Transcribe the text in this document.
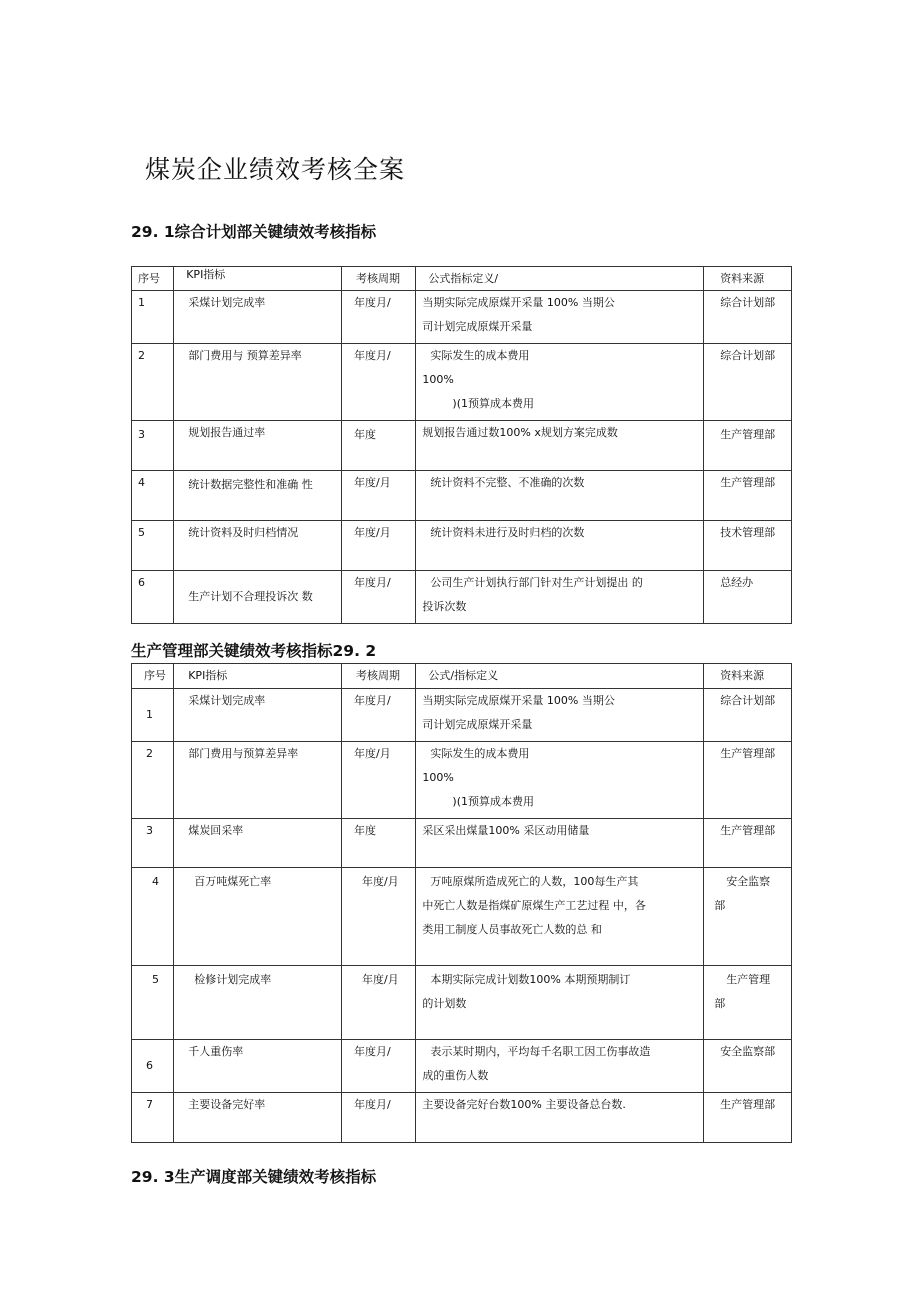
煤炭企业绩效考核全案
29. 1综合计划部关键绩效考核指标
序号	KPI指标	考核周期	公式指标定义/	资料来源
1	采煤计划完成率	年度月/	当期实际完成原煤开采量 100% 当期公
司计划完成原煤开采量	综合计划部
2	部门费用与 预算差异率	年度月/	实际发生的成本费用
100%
)(1预算成本费用	综合计划部
3	规划报告通过率	年度	规划报告通过数100% x规划方案完成数	生产管理部
4	统计数据完整性和准确 性	年度/月	统计资料不完整、不准确的次数	生产管理部
5	统计资料及时归档情况	年度/月	统计资料未进行及时归档的次数	技术管理部
6	生产计划不合理投诉次 数	年度月/	公司生产计划执行部门针对生产计划提出 的
投诉次数	总经办
生产管理部关键绩效考核指标29. 2
序号	KPI指标	考核周期	公式/指标定义	资料来源
1	采煤计划完成率	年度月/	当期实际完成原煤开采量 100% 当期公
司计划完成原煤开采量	综合计划部
2	部门费用与预算差异率	年度/月	实际发生的成本费用
100%
)(1预算成本费用	生产管理部
3	煤炭回采率	年度	采区采出煤量100% 采区动用储量	生产管理部
4	百万吨煤死亡率	年度/月	万吨原煤所造成死亡的人数，100每生产其
中死亡人数是指煤矿原煤生产工艺过程 中，各
类用工制度人员事故死亡人数的总 和	安全监察
部

5	检修计划完成率	年度/月	本期实际完成计划数100% 本期预期制订
的计划数	生产管理
部

6	千人重伤率	年度月/	表示某时期内，平均每千名职工因工伤事故造
成的重伤人数	安全监察部
7	主要设备完好率	年度月/	主要设备完好台数100% 主要设备总台数.	生产管理部
29. 3生产调度部关键绩效考核指标
